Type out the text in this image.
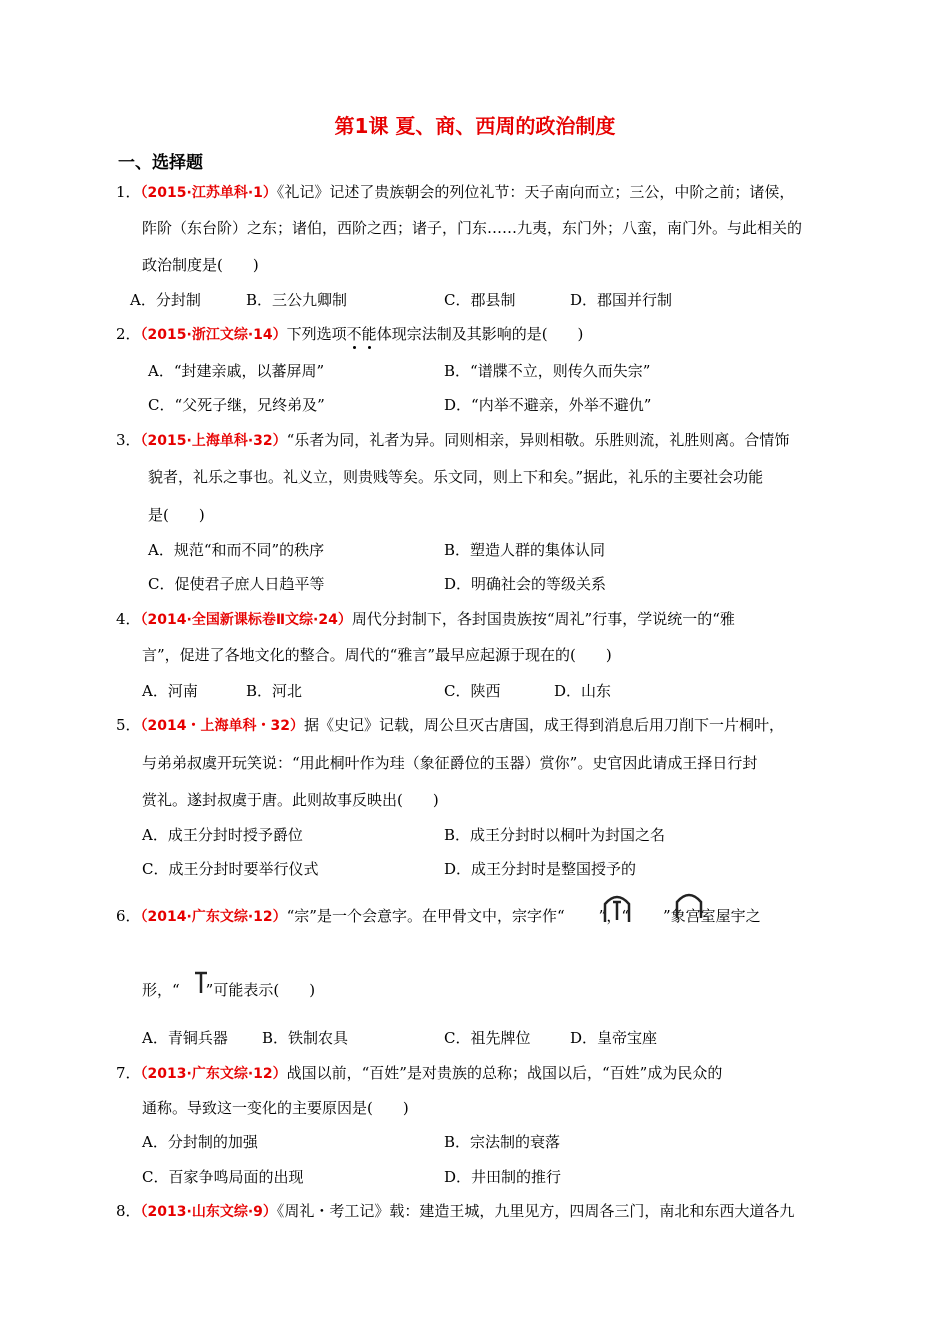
第1课 夏、商、西周的政治制度
一、选择题
1．（2015·江苏单科·1）《礼记》记述了贵族朝会的列位礼节：天子南向而立；三公，中阶之前；诸侯，
阼阶（东台阶）之东；诸伯，西阶之西；诸子，门东……九夷，东门外；八蛮，南门外。与此相关的
政治制度是(　　)
A．分封制	B．三公九卿制	C．郡县制	D．郡国并行制
2．（2015·浙江文综·14）下列选项不能体现宗法制及其影响的是(　　)
A．“封建亲戚，以蕃屏周”	B．“谱牒不立，则传久而失宗”
C．“父死子继，兄终弟及”	D．“内举不避亲，外举不避仇”
3．（2015·上海单科·32）“乐者为同，礼者为异。同则相亲，异则相敬。乐胜则流，礼胜则离。合情饰
貌者，礼乐之事也。礼义立，则贵贱等矣。乐文同，则上下和矣。”据此，礼乐的主要社会功能
是(　　)
A．规范“和而不同”的秩序	B．塑造人群的集体认同
C．促使君子庶人日趋平等	D．明确社会的等级关系
4．（2014·全国新课标卷Ⅱ文综·24）周代分封制下，各封国贵族按“周礼”行事，学说统一的“雅
言”，促进了各地文化的整合。周代的“雅言”最早应起源于现在的(　　)
A．河南	B．河北	C．陕西	D．山东
5．（2014・上海单科・32）据《史记》记载，周公旦灭古唐国，成王得到消息后用刀削下一片桐叶，
与弟弟叔虞开玩笑说：“用此桐叶作为珪（象征爵位的玉器）赏你”。史官因此请成王择日行封
赏礼。遂封叔虞于唐。此则故事反映出(　　)
A．成王分封时授予爵位	B．成王分封时以桐叶为封国之名
C．成王分封时要举行仪式	D．成王分封时是整国授予的
6．（2014·广东文综·12）“宗”是一个会意字。在甲骨文中，宗字作“ ”，“ ”象宫室屋宇之
形，“ ”可能表示(　　)
A．青铜兵器 B．铁制农具	C．祖先牌位	D．皇帝宝座
7．（2013·广东文综·12）战国以前，“百姓”是对贵族的总称；战国以后，“百姓”成为民众的
通称。导致这一变化的主要原因是(　　)
A．分封制的加强	B．宗法制的衰落
C．百家争鸣局面的出现	D．井田制的推行
8．（2013·山东文综·9）《周礼・考工记》载：建造王城，九里见方，四周各三门，南北和东西大道各九
